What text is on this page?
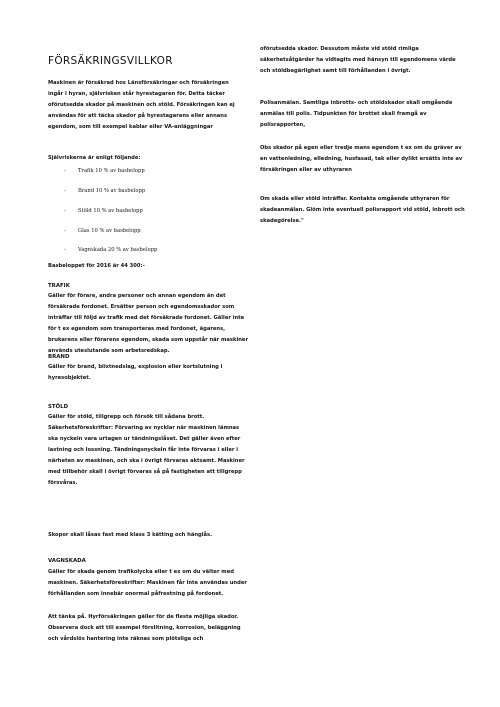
FÖRSÄKRINGSVILLKOR

Maskinen är försäkrad hos Länsförsäkringar och försäkringen ingår i hyran, självrisken står hyrestagaren för. Detta täcker oförutsedda skador på maskinen och stöld. Försäkringen kan ej användas för att täcka skador på hyrestagarens eller annans egendom, som till exempel kablar eller VA-anläggningar

Självriskerna är enligt följande:

- Trafik 10 % av basbelopp

- Brand 10 % av basbelopp

- Stöld 10 % av basbelopp

- Glas 10 % av basbelopp

- Vagnskada 20 % av basbelopp

Basbeloppet för 2016 är 44 300:-

TRAFIK

Gäller för förare, andra personer och annan egendom än det försäkrade fordonet. Ersätter person och egendomsskador som inträffar till följd av trafik med det försäkrade fordonet. Gäller inte för t ex egendom som transporteras med fordonet, ägarens, brukarens eller förarens egendom, skada som uppstår när maskiner används uteslutande som arbetsredskap.

BRAND

Gäller för brand, blixtnedslag, explosion eller kortslutning i hyresobjektet.

STÖLD

Gäller för stöld, tillgrepp och försök till sådana brott. Säkerhetsföreskrifter: Förvaring av nycklar när maskinen lämnas ska nyckeln vara urtagen ur tändningslåset. Det gäller även efter lastning och lossning. Tändningsnyckeln får inte förvaras i eller i närheten av maskinen, och ska i övrigt förvaras aktsamt. Maskiner med tillbehör skall i övrigt förvaras så på fastigheten att tillgrepp försvåras.

Skopor skall låsas fast med klass 3 kätting och hänglås.

VAGNSKADA

Gäller för skada genom trafikolycka eller t ex om du välter med maskinen. Säkerhetsföreskrifter: Maskinen får inte användas under förhållanden som innebär onormal påfrestning på fordonet.

Att tänka på. Hyrförsäkringen gäller för de flesta möjliga skador. Observera dock att till exempel förslitning, korrosion, beläggning och vårdslös hantering inte räknas som plötsliga och

oförutsedda skador. Dessutom måste vid stöld rimliga säkerhetsåtgärder ha vidtagits med hänsyn till egendomens värde och stöldbegärlighet samt till förhållanden i övrigt.

Polisanmälan. Samtliga inbrotts- och stöldskador skall omgående anmälas till polis. Tidpunkten för brottet skall framgå av polisrapporten,

Obs skador på egen eller tredje mans egendom t ex om du gräver av en vattenledning, elledning, husfasad, tak eller dylikt ersätts inte av försäkringen eller av uthyraren

Om skada eller stöld inträffar. Kontakta omgående uthyraren för skadeanmälan. Glöm inte eventuell polisrapport vid stöld, inbrott och skadegörelse."
